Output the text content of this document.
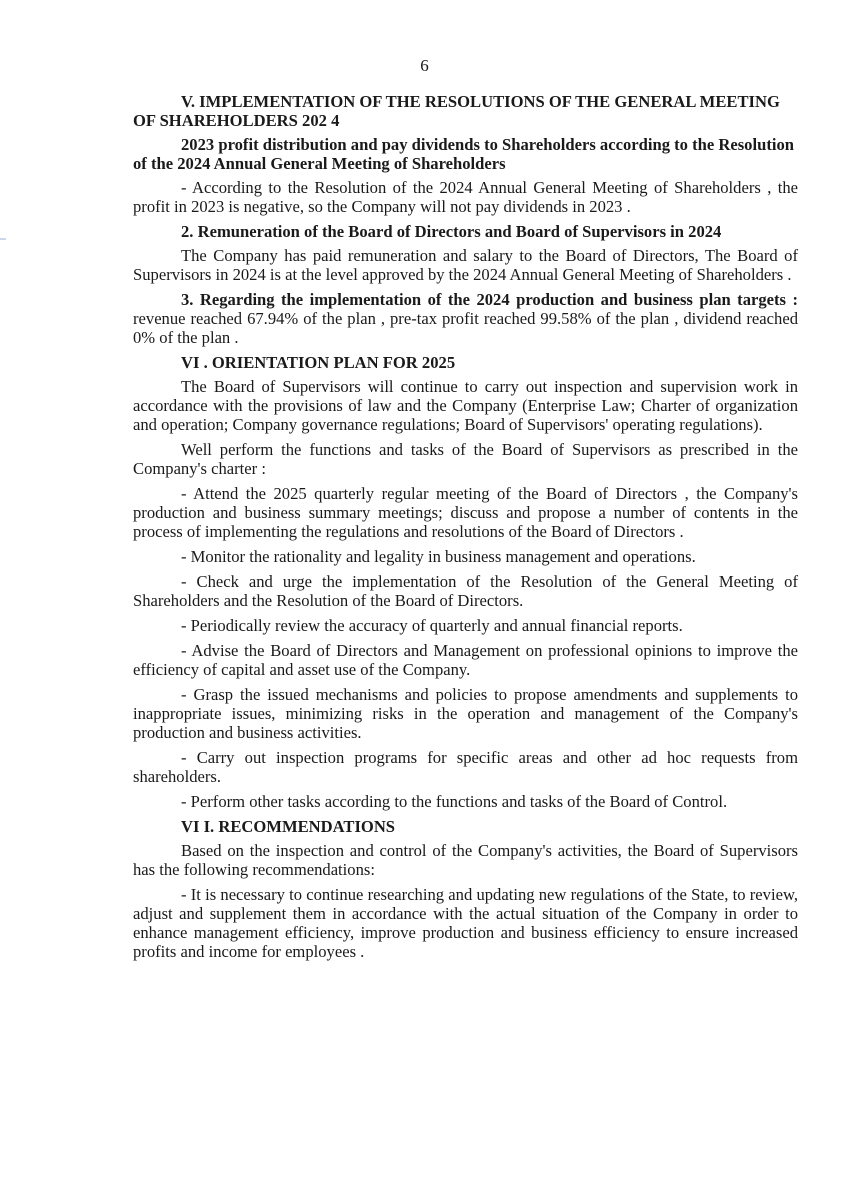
6

V. IMPLEMENTATION OF THE RESOLUTIONS OF THE GENERAL MEETING OF SHAREHOLDERS 202 4

2023 profit distribution and pay dividends to Shareholders according to the Resolution of the 2024 Annual General Meeting of Shareholders

- According to the Resolution of the 2024 Annual General Meeting of Shareholders , the profit in 2023 is negative, so the Company will not pay dividends in 2023 .

2. Remuneration of the Board of Directors and Board of Supervisors in 2024

The Company has paid remuneration and salary to the Board of Directors, The Board of Supervisors in 2024 is at the level approved by the 2024 Annual General Meeting of Shareholders .

3. Regarding the implementation of the 2024 production and business plan targets : revenue reached 67.94% of the plan , pre-tax profit reached 99.58% of the plan , dividend reached 0% of the plan .

VI . ORIENTATION PLAN FOR 2025

The Board of Supervisors will continue to carry out inspection and supervision work in accordance with the provisions of law and the Company (Enterprise Law; Charter of organization and operation; Company governance regulations; Board of Supervisors' operating regulations).

Well perform the functions and tasks of the Board of Supervisors as prescribed in the Company's charter :

- Attend the 2025 quarterly regular meeting of the Board of Directors , the Company's production and business summary meetings; discuss and propose a number of contents in the process of implementing the regulations and resolutions of the Board of Directors .

- Monitor the rationality and legality in business management and operations.

- Check and urge the implementation of the Resolution of the General Meeting of Shareholders and the Resolution of the Board of Directors.

- Periodically review the accuracy of quarterly and annual financial reports.

- Advise the Board of Directors and Management on professional opinions to improve the efficiency of capital and asset use of the Company.

- Grasp the issued mechanisms and policies to propose amendments and supplements to inappropriate issues, minimizing risks in the operation and management of the Company's production and business activities.

- Carry out inspection programs for specific areas and other ad hoc requests from shareholders.

- Perform other tasks according to the functions and tasks of the Board of Control.

VI I. RECOMMENDATIONS

Based on the inspection and control of the Company's activities, the Board of Supervisors has the following recommendations:

- It is necessary to continue researching and updating new regulations of the State, to review, adjust and supplement them in accordance with the actual situation of the Company in order to enhance management efficiency, improve production and business efficiency to ensure increased profits and income for employees .
